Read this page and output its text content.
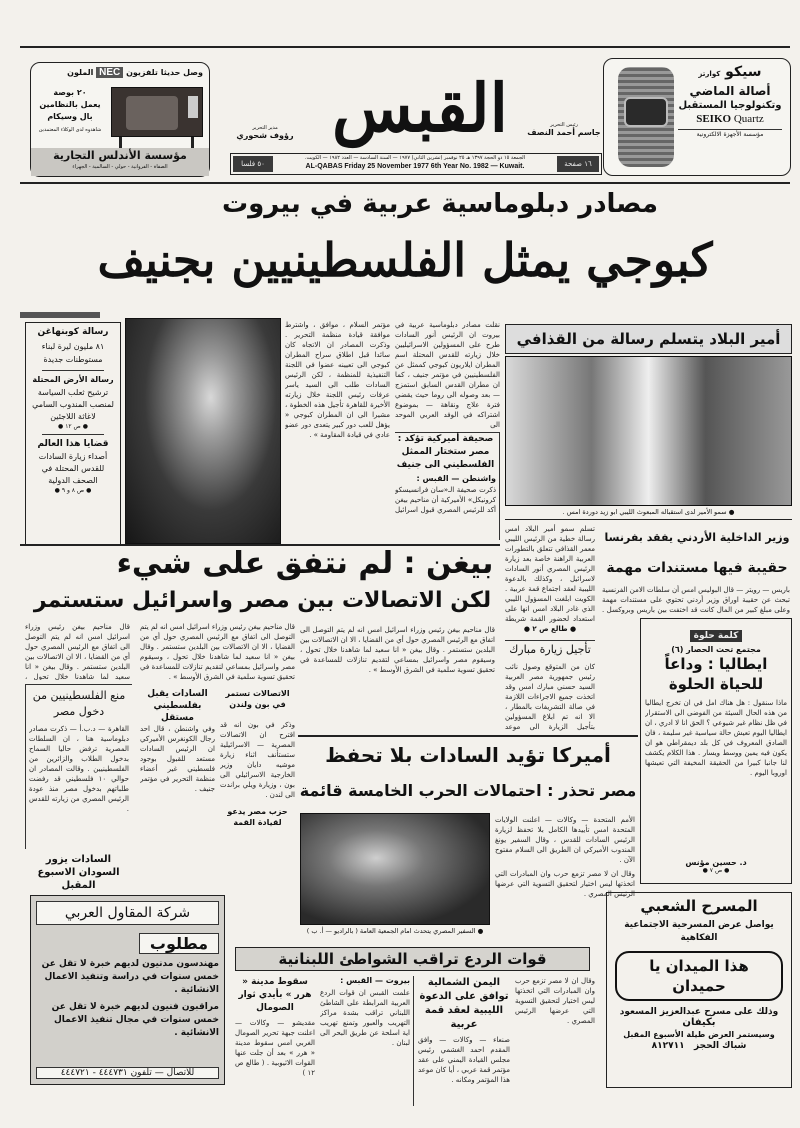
وصل حديثا تلفزيون NEC الملون
٢٠ بوصة
يعمل بالنظامين
بال وسيكام
شاهدوه لدى الوكلاء المعتمدين
مؤسسة الأندلس التجارية
الصفاة - الفروانية - حولي - السالمية - الجهراء
مدير التحرير
رؤوف شحوري القبس	رئيس التحرير
جاسم أحمد النصف
١٦ صفحة
٥٠ فلسا
الجمعة ١٥ ذو الحجة ١٣٩٧ هـ ٢٥ نوفمبر (تشرين الثاني) ١٩٧٧ — السنة السادسة — العدد ١٩٨٢ — الكويت.
AL-QABAS Friday 25 November 1977 6th Year No. 1982 — Kuwait.
سيكو كوارتز
أصالة الماضي
وتكنولوجيا المستقبل
SEIKO Quartz
مؤسسة الأجهزة الالكترونية
مصادر دبلوماسية عربية في بيروت
كبوجي يمثل الفلسطينيين بجنيف
رسالة كوبنهاغن
٨١ مليون ليرة لبناء مستوطنات جديدة
رسالة الأرض المحتلة
ترشيح ثعلب السياسة لمنصب المندوب السامي لاغاثة اللاجئين
● ص ١٢ ●
قضايا هذا العالم
أصداء زيارة السادات للقدس المحتلة في الصحف الدولية
● ص ٨ و ٩ ●

مؤتمر السلام ، موافق ، واشترط موافقة قيادة منظمة التحرير . وذكرت المصادر ان الاتجاه كان سائدا قبل اطلاق سراح المطران كبوجي الى تعيينه عضوا في اللجنة التنفيذية للمنظمة ، لكن الرئيس السادات طلب الى السيد ياسر عرفات رئيس اللجنة خلال زيارته الأخيرة للقاهرة تأجيل هذه الخطوة ، مشيرا الى ان المطران كبوجي « يؤهل للعب دور كبير يتعدى دور عضو عادي في قيادة المقاومة » .

نقلت مصادر دبلوماسية عربية في بيروت ان الرئيس أنور السادات طرح على المسؤولين الاسرائيليين خلال زيارته للقدس المحتلة اسم المطران ايلاريون كبوجي كممثل عن الفلسطينيين في مؤتمر جنيف ، كما ان مطران القدس السابق استمزج — بعد وصوله الى روما حيث يقضي فترة علاج ونقاهة — بموضوع اشتراكه في الوفد العربي الموحد الى

صحيفة أميركية تؤكد : مصر ستختار الممثل الفلسطيني الى جنيف
واشنطن — القبس :
ذكرت صحيفة الـ«سان فرانسيسكو كرونيكل» الأميركية أن مناحيم بيغن أكد للرئيس المصري قبول اسرائيل
أمير البلاد يتسلم رسالة من القذافي
● سمو الأمير لدى استقباله المبعوث الليبي ابو زيد دوردة امس .
بيغن : لم نتفق على شيء
لكن الاتصالات بين مصر واسرائيل ستستمر

تسلم سمو أمير البلاد امس رسالة خطية من الرئيس الليبي معمر القذافي تتعلق بالتطورات العربية الراهنة خاصة بعد زيارة الرئيس المصري أنور السادات لاسرائيل ، وكذلك بالدعوة الليبية لعقد اجتماع قمة عربية . الكويت ابلغت المسؤول الليبي الذي غادر البلاد امس انها على استعداد لحضور القمة شريطة

● طالع ص ٢ ●
تأجيل زيارة مبارك

كان من المتوقع وصول نائب رئيس جمهورية مصر العربية السيد حسني مبارك امس وقد اتخذت جميع الاجراءات اللازمة في صالة التشريفات بالمطار ، الا انه تم ابلاغ المسؤولين بتأجيل الزيارة الى موعد

وزير الداخلية الأردني يفقد بفرنسا
حقيبة فيها مستندات مهمة

باريس — رويتر — قال البوليس امس أن سلطات الامن الفرنسية تبحث عن حقيبة اوراق وزير أردني تحتوي على مستندات مهمة وعلى مبلغ كبير من المال كانت قد اختفت بين باريس وبروكسل .

كلمة حلوة
مجتمع تحت الحصار (٦)
ايطاليا : وداعاً للحياة الحلوة
ماذا سنقول : هل هناك امل في ان تخرج ايطاليا من هذه الحال السيئة من الفوضى الى الاستقرار في ظل نظام غير شيوعي ؟ الحق انا لا ادري ، ان ايطاليا اليوم تعيش حالة سياسية غير سليمة ، فان الصادق المعروف في كل بلد ديمقراطي هو ان يكون فيه يمين ووسط ويسار . هذا الكلام يكشف لنا جانبا كبيرا من الحقيقة المخيفة التي تعيشها اوروبا اليوم .
د. حسين مؤنس
● ص ٧ ●

قال مناحيم بيغن رئيس وزراء اسرائيل امس انه لم يتم التوصل الى اتفاق مع الرئيس المصري حول أي من القضايا ، الا ان الاتصالات بين البلدين ستستمر . وقال بيغن « انا سعيد لما شاهدنا خلال تحول ،

منع الفلسطينيين من دخول مصر
القاهرة — د.ب.أ — ذكرت مصادر دبلوماسية هنا ، ان السلطات المصرية ترفض حاليا السماح بدخول الطلاب والزائرين من الفلسطينيين . وقالت المصادر ان حوالي ١٠ فلسطيني قد رفضت طلباتهم بدخول مصر منذ عودة الرئيس المصري من زيارته للقدس .
السادات يزور السودان الاسبوع المقبل

قال مناحيم بيغن رئيس وزراء اسرائيل امس انه لم يتم التوصل الى اتفاق مع الرئيس المصري حول أي من القضايا ، الا ان الاتصالات بين البلدين ستستمر . وقال بيغن « انا سعيد لما شاهدنا خلال تحول ، وسيقوم مصر واسرائيل بمساعي لتقديم تنازلات للمساعدة في تحقيق تسوية سلمية في الشرق الأوسط » .

السادات يقبل بفلسطيني مستقل

وفي واشنطن ، قال احد رجال الكونغرس الأميركي ان الرئيس السادات مستعد للقبول بوجود فلسطيني غير أعضاء منظمة التحرير في مؤتمر جنيف .

الاتصالات تستمر في بون ولندن

وذكر في بون انه قد اقترح ان الاتصالات المصرية — الاسرائيلية ستستأنف اثناء زيارة موشيه دايان وزير الخارجية الاسرائيلي الى بون ، وزيارة ويلي براندت الى لندن .

حزب مصر يدعو لقيادة القمة
أميركا تؤيد السادات بلا تحفظ
مصر تحذر : احتمالات الحرب الخامسة قائمة

قال مناحيم بيغن رئيس وزراء اسرائيل امس انه لم يتم التوصل الى اتفاق مع الرئيس المصري حول أي من القضايا ، الا ان الاتصالات بين البلدين ستستمر . وقال بيغن « انا سعيد لما شاهدنا خلال تحول ، وسيقوم مصر واسرائيل بمساعي لتقديم تنازلات للمساعدة في تحقيق تسوية سلمية في الشرق الأوسط » .

● السفير المصري يتحدث امام الجمعية العامة ( بالراديو — أ. ب )

الأمم المتحدة — وكالات — اعلنت الولايات المتحدة امس تأييدها الكامل بلا تحفظ لزيارة الرئيس السادات للقدس ، وقال السفير يونغ المندوب الأميركي ان الطريق الى السلام مفتوح الآن .

وقال ان لا مصر تزمع حرب وان المبادرات التي اتخذتها ليس اختيار لتحقيق التسوية التي عرضها الرئيس المصري .

شركة المقاول العربي
مطلوب
مهندسون مدنيون لديهم خبرة لا تقل عن خمس سنوات في دراسة وتنفيذ الاعمال الانشائية .
مراقبون فنيون لديهم خبرة لا تقل عن خمس سنوات في مجال تنفيذ الاعمال الانشائية .
للاتصال — تلفون ٤٤٤٧٣١ - ٤٤٤٧٢١
قوات الردع تراقب الشواطئ اللبنانية
سقوط مدينة « هرر » بأيدي ثوار الصومال
مقديشو — وكالات — اعلنت جبهة تحرير الصومال الغربي امس سقوط مدينة « هرر » بعد أن جلت عنها القوات الاثيوبية . ( طالع ص ١٢ )
بيروت — القبس :
علمت القبس ان قوات الردع العربية المرابطة على الشاطئ اللبناني تراقب بشدة مراكز التهريب والعبور وتمنع تهريب اية اسلحة عن طريق البحر الى لبنان .
اليمن الشمالية توافق على الدعوة الليبية لعقد قمة عربية
صنعاء — وكالات — وافق المقدم احمد الغشمي رئيس مجلس القيادة اليمني على عقد مؤتمر قمة عربي ، أيا كان موعد هذا المؤتمر ومكانه .

وقال ان لا مصر تزمع حرب وان المبادرات التي اتخذتها ليس اختيار لتحقيق التسوية التي عرضها الرئيس المصري .

المسرح الشعبي
يواصل عرض المسرحية الاجتماعية الفكاهية
هذا الميدان يا حميدان
وذلك على مسرح عبدالعزيز المسعود
بكيفان
وسيستمر العرض طيلة الأسبوع المقبل
شباك الحجز   ٨١٢٧١١
